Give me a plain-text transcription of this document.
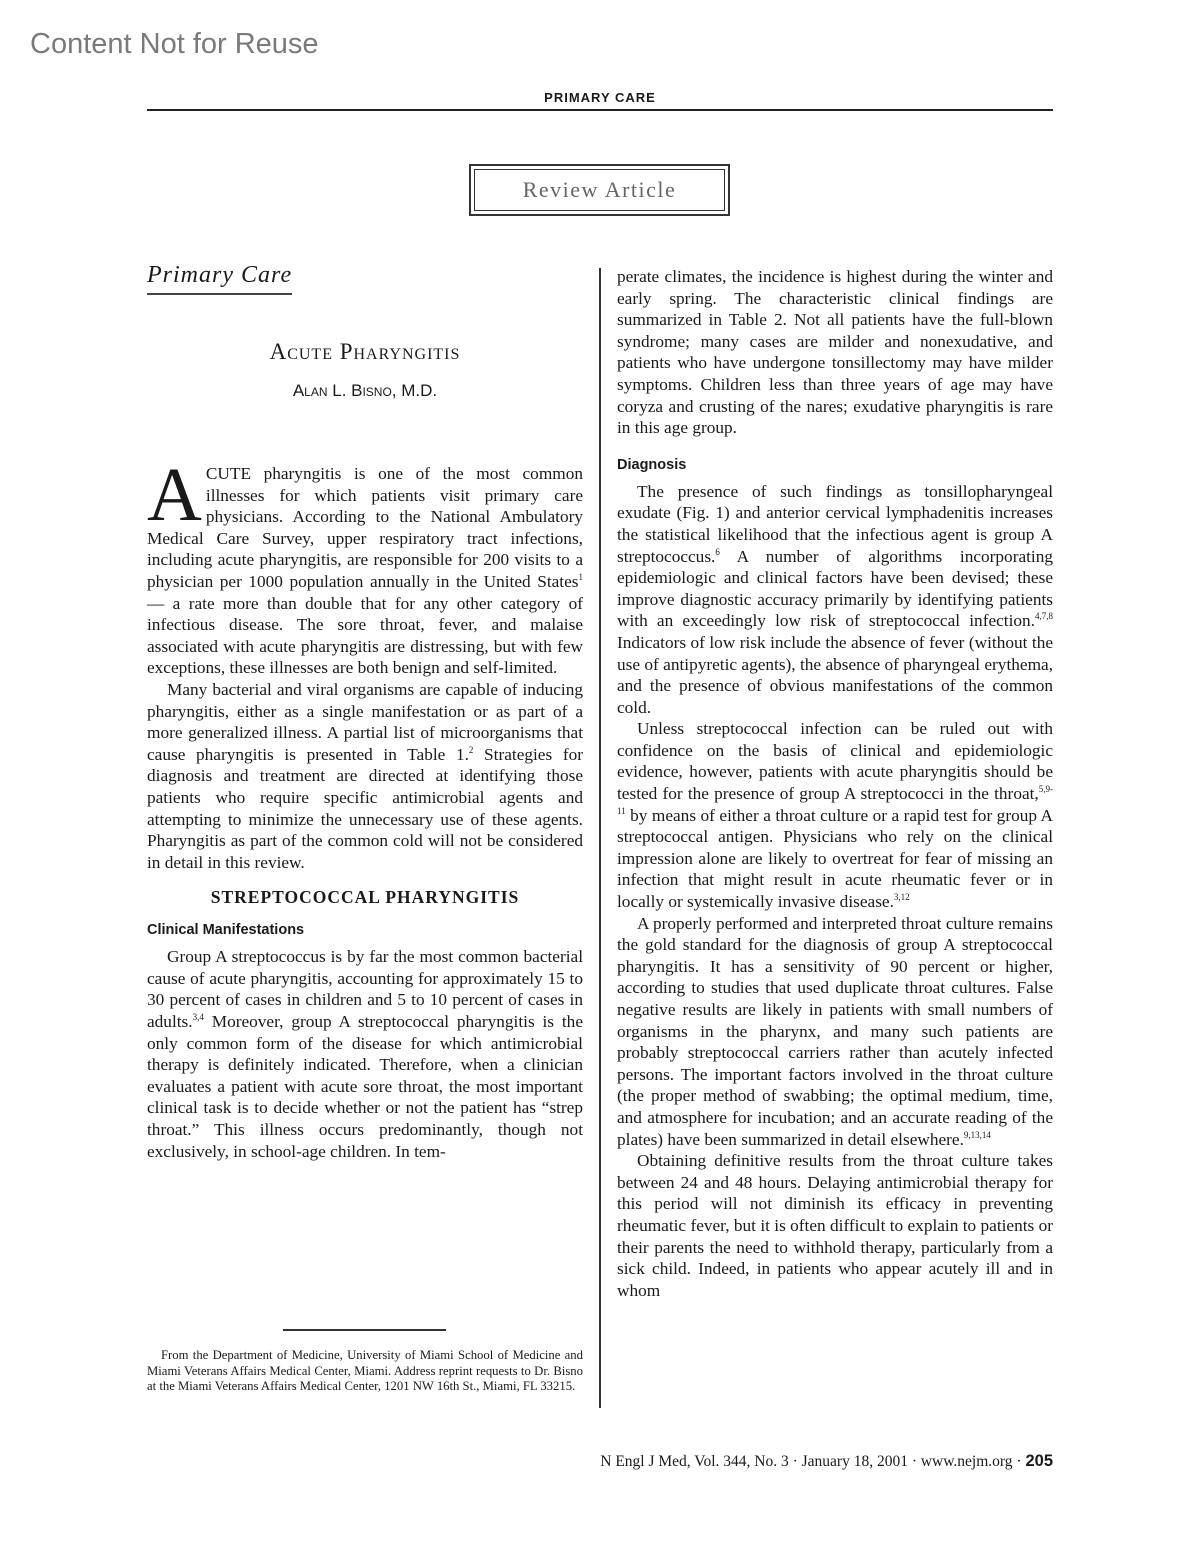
Content Not for Reuse
PRIMARY CARE
Review Article
Primary Care
Acute Pharyngitis
Alan L. Bisno, M.D.

ACUTE pharyngitis is one of the most common illnesses for which patients visit primary care physicians. According to the National Ambulatory Medical Care Survey, upper respiratory tract infections, including acute pharyngitis, are responsible for 200 visits to a physician per 1000 population annually in the United States$^1$ — a rate more than double that for any other category of infectious disease. The sore throat, fever, and malaise associated with acute pharyngitis are distressing, but with few exceptions, these illnesses are both benign and self-limited.

Many bacterial and viral organisms are capable of inducing pharyngitis, either as a single manifestation or as part of a more generalized illness. A partial list of microorganisms that cause pharyngitis is presented in Table 1.$^2$ Strategies for diagnosis and treatment are directed at identifying those patients who require specific antimicrobial agents and attempting to minimize the unnecessary use of these agents. Pharyngitis as part of the common cold will not be considered in detail in this review.

STREPTOCOCCAL PHARYNGITIS
Clinical Manifestations

Group A streptococcus is by far the most common bacterial cause of acute pharyngitis, accounting for approximately 15 to 30 percent of cases in children and 5 to 10 percent of cases in adults.$^{3,4}$ Moreover, group A streptococcal pharyngitis is the only common form of the disease for which antimicrobial therapy is definitely indicated. Therefore, when a clinician evaluates a patient with acute sore throat, the most important clinical task is to decide whether or not the patient has “strep throat.” This illness occurs predominantly, though not exclusively, in school-age children. In tem-

From the Department of Medicine, University of Miami School of Medicine and Miami Veterans Affairs Medical Center, Miami. Address reprint requests to Dr. Bisno at the Miami Veterans Affairs Medical Center, 1201 NW 16th St., Miami, FL 33215.

perate climates, the incidence is highest during the winter and early spring. The characteristic clinical findings are summarized in Table 2. Not all patients have the full-blown syndrome; many cases are milder and nonexudative, and patients who have undergone tonsillectomy may have milder symptoms. Children less than three years of age may have coryza and crusting of the nares; exudative pharyngitis is rare in this age group.

Diagnosis

The presence of such findings as tonsillopharyngeal exudate (Fig. 1) and anterior cervical lymphadenitis increases the statistical likelihood that the infectious agent is group A streptococcus.$^6$ A number of algorithms incorporating epidemiologic and clinical factors have been devised; these improve diagnostic accuracy primarily by identifying patients with an exceedingly low risk of streptococcal infection.$^{4,7,8}$ Indicators of low risk include the absence of fever (without the use of antipyretic agents), the absence of pharyngeal erythema, and the presence of obvious manifestations of the common cold.

Unless streptococcal infection can be ruled out with confidence on the basis of clinical and epidemiologic evidence, however, patients with acute pharyngitis should be tested for the presence of group A streptococci in the throat,$^{5,9-11}$ by means of either a throat culture or a rapid test for group A streptococcal antigen. Physicians who rely on the clinical impression alone are likely to overtreat for fear of missing an infection that might result in acute rheumatic fever or in locally or systemically invasive disease.$^{3,12}$

A properly performed and interpreted throat culture remains the gold standard for the diagnosis of group A streptococcal pharyngitis. It has a sensitivity of 90 percent or higher, according to studies that used duplicate throat cultures. False negative results are likely in patients with small numbers of organisms in the pharynx, and many such patients are probably streptococcal carriers rather than acutely infected persons. The important factors involved in the throat culture (the proper method of swabbing; the optimal medium, time, and atmosphere for incubation; and an accurate reading of the plates) have been summarized in detail elsewhere.$^{9,13,14}$

Obtaining definitive results from the throat culture takes between 24 and 48 hours. Delaying antimicrobial therapy for this period will not diminish its efficacy in preventing rheumatic fever, but it is often difficult to explain to patients or their parents the need to withhold therapy, particularly from a sick child. Indeed, in patients who appear acutely ill and in whom

N Engl J Med, Vol. 344, No. 3 · January 18, 2001 · www.nejm.org · 205
